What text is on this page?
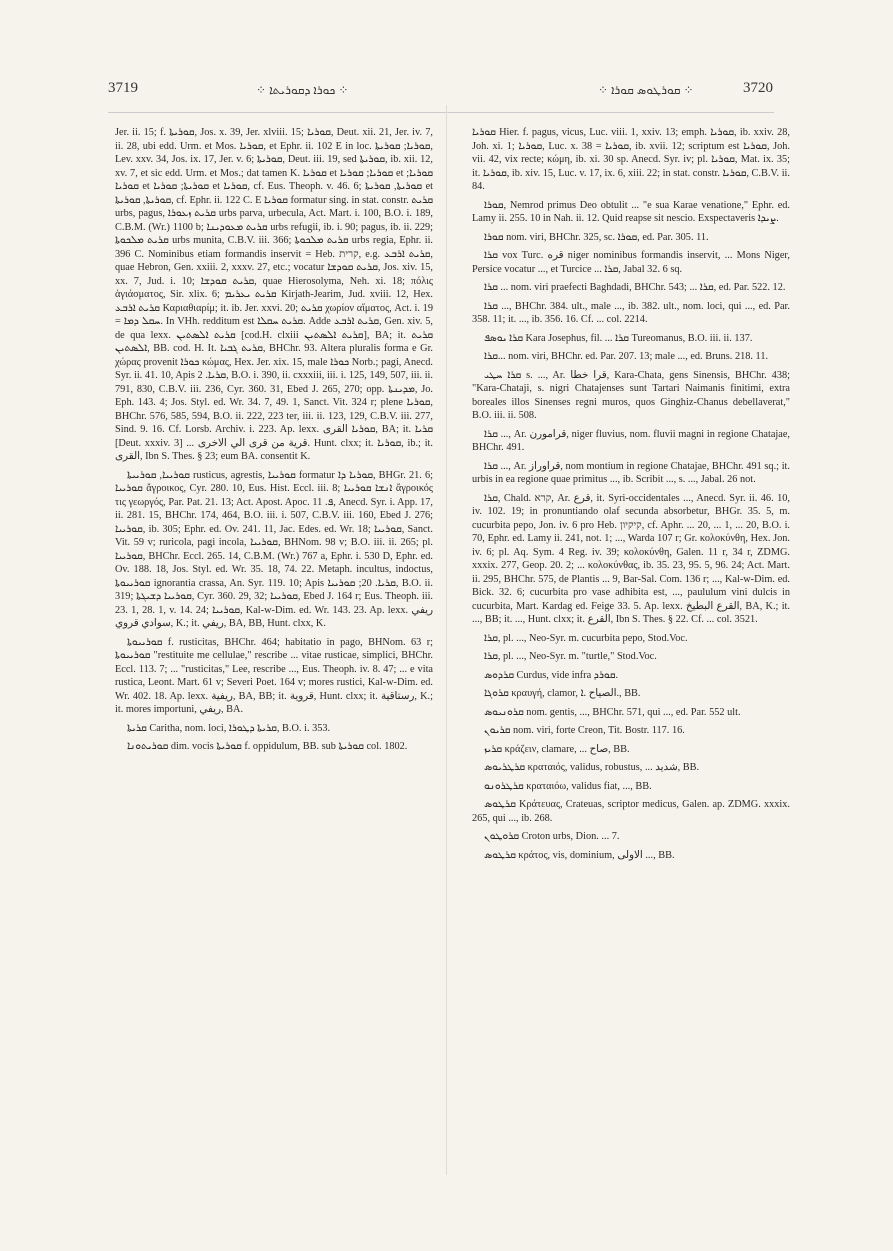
3719	⁘ ܟܘܪܐ ܕܩܘܪܝܬܐ ⁘	⁘ ܩܘܪܛܘܣ ܩܘܪܐ ⁘	3720

Jer. ii. 15; f. ܩܘܪܝܬܐ, Jos. x. 39, Jer. xlviii. 15; ܩܘܪܝܐ, Deut. xii. 21, Jer. iv. 7, ii. 28, ubi edd. Urm. et Mos. ܩܘܪܝܐ, et Ephr. ii. 102 E in loc. ܩܘܪܝܐ; ܩܘܪܝܬܐ, Lev. xxv. 34, Jos. ix. 17, Jer. v. 6; ܩܘܪܝܬܐ, Deut. iii. 19, sed ܩܘܪܝܬܐ, ib. xii. 12, xv. 7, et sic edd. Urm. et Mos.; dat tamen K. ܩܘܪܝܐ et ܩܘܪܝܐ; ܩܘܪܝܐ et ܩܘܪܝܐ; ܩܘܪܝܐ et ܩܘܪܝܬܐ; ܩܘܪܝܐ et ܩܘܪܝܐ, cf. Eus. Theoph. v. 46. 6; ܩܘܪܝܬܐ, ܩܘܪܝܬܐ et ܩܘܪܝܬܐ, ܩܘܪܝܬܐ, cf. Ephr. ii. 122 C. E ܩܘܪܝܐ formatur sing. in stat. constr. ܩܪܝܬ urbs, pagus, ܩܪܝܬ ܙܥܘܪܐ urbs parva, urbecula, Act. Mart. i. 100, B.O. i. 189, C.B.M. (Wr.) 1100 b; ܩܪܝܬ ܡܥܘܕܝܢܐ urbs refugii, ib. i. 90; pagus, ib. ii. 229; ܩܪܝܬ ܡܠܟܘܬܐ urbs munita, C.B.V. iii. 366; ܩܪܝܬ ܡܠܟܘܬܐ urbs regia, Ephr. ii. 396 C. Nominibus etiam formandis inservit = Heb. קרית, e.g. ܩܪܝܬ ܐܪܒܥ, quae Hebron, Gen. xxiii. 2, xxxv. 27, etc.; vocatur ܩܪܝܬ ܩܘܕܫܐ, Jos. xiv. 15, xx. 7, Jud. i. 10; ܩܪܝܬ ܩܘܕܫܐ, quae Hierosolyma, Neh. xi. 18; πόλις ἁγιάσματος, Sir. xlix. 6; ܩܪܝܬ ܝܥܪܝܡ Kirjath-Jearim, Jud. xviii. 12, Hex. ܩܪܝܬ ܐܪܒܥ Καριαθιαρίμ; it. ib. Jer. xxvi. 20; ܩܪܝܬ χωρίον αἵματος, Act. i. 19 = ܚܩܠ ܕܡܐ. In VHh. redditum est ܩܪܝܬ ܚܩܠܐ. Adde ܩܪܝܬ ܐܪܒܥ, Gen. xiv. 5, de qua lexx. ܩܪܝܬ ܐܠܣܬܝܢ [cod.H. clxiii ܩܪܝܬ ܐܠܣܬܝܢ], BA; it. ܩܪܝܬ ܐܠܣܬܝܢ, BB. cod. H. It. ܩܪܝܬ ܓܒܝܐ, BHChr. 93. Altera pluralis forma e Gr. χώρας provenit ܟܘܪܐ κώμας, Hex. Jer. xix. 15, male ܟܘܪܐ Norb.; pagi, Anecd. Syr. ii. 41. 10, Apis ܩܪܝܐ. 2, B.O. i. 390, ii. cxxxiii, iii. i. 125, 149, 507, iii. ii. 791, 830, C.B.V. iii. 236, Cyr. 360. 31, Ebed J. 265, 270; opp. ܡܕܝܢܬܐ, Jo. Eph. 143. 4; Jos. Styl. ed. Wr. 34. 7, 49. 1, Sanct. Vit. 324 r; plene ܩܘܪܝܐ, BHChr. 576, 585, 594, B.O. ii. 222, 223 ter, iii. ii. 123, 129, C.B.V. iii. 277, Sind. 9. 16. Cf. Lorsb. Archiv. i. 223. Ap. lexx. ܩܘܪܝܐ القرى, BA; it. ܩܪܝܐ [Deut. xxxiv. 3] ... قرية من قرى الي الاخرى. Hunt. clxx; it. ܩܘܪܝܐ, ib.; it. القرى, Ibn S. Thes. § 23; eum BA. consentit K.

ܩܘܪܝܝܐ, ܩܘܪܝܝܬܐ rusticus, agrestis, ܩܘܪܝܝܐ formatur ܩܘܪܝܐ ܕܐ, BHGr. 21. 6; ܩܘܪܝܝܐ ἄγροικος, Cyr. 280. 10, Eus. Hist. Eccl. iii. 8; ܐܢܫܐ ܩܘܪܝܝܐ ἄγροικός τις γεωργός, Par. Pat. 21. 13; Act. Apost. Apoc. ܦ. 11, Anecd. Syr. i. App. 17, ii. 281. 15, BHChr. 174, 464, B.O. iii. i. 507, C.B.V. iii. 160, Ebed J. 276; ܩܘܪܝܝܐ, ib. 305; Ephr. ed. Ov. 241. 11, Jac. Edes. ed. Wr. 18; ܩܘܪܝܝܐ, Sanct. Vit. 59 v; ruricola, pagi incola, ܩܘܪܝܝܐ, BHNom. 98 v; B.O. iii. ii. 265; pl. ܩܘܪܝܝܐ, BHChr. Eccl. 265. 14, C.B.M. (Wr.) 767 a, Ephr. i. 530 D, Ephr. ed. Ov. 188. 18, Jos. Styl. ed. Wr. 35. 18, 74. 22. Metaph. incultus, indoctus, ܩܘܪܝܝܘܬܐ ignorantia crassa, An. Syr. 119. 10; Apis ܩܪܝܐ. 20; ܩܘܪܝܝܐ, B.O. ii. 319; ܩܘܪܝܝܐ ܕܫܝܓܬܐ, Cyr. 360. 29, 32; ܩܘܪܝܝܐ, Ebed J. 164 r; Eus. Theoph. iii. 23. 1, 28. 1, v. 14. 24; ܩܘܪܝܝܐ, Kal-w-Dim. ed. Wr. 143. 23. Ap. lexx. ريفي سوادي قروي, K.; it. ريفي, BA, BB, Hunt. clxx, K.

ܩܘܪܝܝܘܬܐ f. rusticitas, BHChr. 464; habitatio in pago, BHNom. 63 r; ܩܘܪܝܝܘܬܐ "restituite me cellulae," rescribe ... vitae rusticae, simplici, BHChr. Eccl. 113. 7; ... "rusticitas," Lee, rescribe ..., Eus. Theoph. iv. 8. 47; ... e vita rustica, Leont. Mart. 61 v; Severi Poet. 164 v; mores rustici, Kal-w-Dim. ed. Wr. 402. 18. Ap. lexx. ريفية, BA, BB; it. قروية, Hunt. clxx; it. رستاقية, K.; it. mores importuni, ريفي, BA.

ܩܪܝܬܐ Caritha, nom. loci, ܩܪܝܬܐ ܕܛܘܪܐ, B.O. i. 353.

ܩܘܪܝܬܘܢܐ dim. vocis ܩܘܪܝܬܐ f. oppidulum, BB. sub ܩܘܪܝܬܐ col. 1802.

ܩܘܪܝܐ Hier. f. pagus, vicus, Luc. viii. 1, xxiv. 13; emph. ܩܘܪܝܐ, ib. xxiv. 28, Joh. xi. 1; ܩܘܪܝܐ, Luc. x. 38 = ܩܘܪܝܐ, ib. xvii. 12; scriptum est ܩܘܪܝܐ, Joh. vii. 42, vix recte; κώμη, ib. xi. 30 sp. Anecd. Syr. iv; pl. ܩܘܪܝܐ, Mat. ix. 35; it. ܩܘܪܝܐ, ib. xiv. 15, Luc. v. 17, ix. 6, xiii. 22; in stat. constr. ܩܘܪܝܐ, C.B.V. ii. 84.

ܩܘܪܐ, Nemrod primus Deo obtulit ... "e sua Karae venatione," Ephr. ed. Lamy ii. 255. 10 in Nah. ii. 12. Quid reapse sit nescio. Exspectaveris ܨܝܕܐ.

ܩܘܪܐ nom. viri, BHChr. 325, sc. ܩܘܪܐ, ed. Par. 305. 11.

ܩܪܐ vox Turc. قره niger nominibus formandis inservit, ... Mons Niger, Persice vocatur ..., et Turcice ... ܩܪܐ, Jabal 32. 6 sq.

ܩܪܐ ... nom. viri praefecti Baghdadi, BHChr. 543; ... ܩܪܐ, ed. Par. 522. 12.

ܩܪܐ ..., BHChr. 384. ult., male ..., ib. 382. ult., nom. loci, qui ..., ed. Par. 358. 11; it. ..., ib. 356. 16. Cf. ... col. 2214.

ܩܪܐ ܝܘܣܦ Kara Josephus, fil. ... ܩܪܐ Tureomanus, B.O. iii. ii. 137.

ܩܪܐ... nom. viri, BHChr. ed. Par. 207. 13; male ..., ed. Bruns. 218. 11.

ܩܪܐ ܚܛܝ s. ..., Ar. قرا خطا, Kara-Chata, gens Sinensis, BHChr. 438; "Kara-Chataji, s. nigri Chatajenses sunt Tartari Naimanis finitimi, extra boreales illos Sinenses regni muros, quos Ginghiz-Chanus debellaverat," B.O. iii. ii. 508.

ܩܪܐ ..., Ar. قرامورن, niger fluvius, nom. fluvii magni in regione Chatajae, BHChr. 491.

ܩܪܐ ..., Ar. قراوراز, nom montium in regione Chatajae, BHChr. 491 sq.; it. urbis in ea regione quae primitus ..., ib. Scribit ..., s. ..., Jabal. 26 not.

ܩܪܐ, Chald. קרא, Ar. قرع, it. Syri-occidentales ..., Anecd. Syr. ii. 46. 10, iv. 102. 19; in pronuntiando olaf secunda absorbetur, BHGr. 35. 5, m. cucurbita pepo, Jon. iv. 6 pro Heb. קיקיון, cf. Aphr. ... 20, ... 1, ... 20, B.O. i. 70, Ephr. ed. Lamy ii. 241, not. 1; ..., Warda 107 r; Gr. κολοκύνθη, Hex. Jon. iv. 6; pl. Aq. Sym. 4 Reg. iv. 39; κολοκύνθη, Galen. 11 r, 34 r, ZDMG. xxxix. 277, Geop. 20. 2; ... κολοκύνθας, ib. 35. 23, 95. 5, 96. 24; Act. Mart. ii. 295, BHChr. 575, de Plantis ... 9, Bar-Sal. Com. 136 r; ..., Kal-w-Dim. ed. Bick. 32. 6; cucurbita pro vase adhibita est, ..., paululum vini dulcis in cucurbita, Mart. Kardag ed. Feige 33. 5. Ap. lexx. القرع البطيخ, BA, K.; it. ..., BB; it. ..., Hunt. clxx; it. القرع, Ibn S. Thes. § 22. Cf. ... col. 3521.

ܩܪܐ, pl. ..., Neo-Syr. m. cucurbita pepo, Stod.Voc.

ܩܪܐ, pl. ..., Neo-Syr. m. "turtle," Stod.Voc.

ܩܪܕܘܣ Curdus, vide infra ܩܘܪܕ.

ܩܪܘܓܐ κραυγή, clamor, الصياح .ܐ., BB.

ܩܪܘܢܝܘܣ nom. gentis, ..., BHChr. 571, qui ..., ed. Par. 552 ult.

ܩܪܝܘܢ nom. viri, forte Creon, Tit. Bostr. 117. 16.

ܩܪܝܙ κράζειν, clamare, ... صاح, BB.

ܩܪܛܪܝܘܣ κραταιός, validus, robustus, ... شديد, BB.

ܩܪܛܪܘܢܘ κραταιόω, validus fiat, ..., BB.

ܩܪܛܘܣ Κράτευας, Crateuas, scriptor medicus, Galen. ap. ZDMG. xxxix. 265, qui ..., ib. 268.

ܩܪܘܛܘܢ Croton urbs, Dion. ... 7.

ܩܪܛܘܣ κράτος, vis, dominium, الاولى ..., BB.
